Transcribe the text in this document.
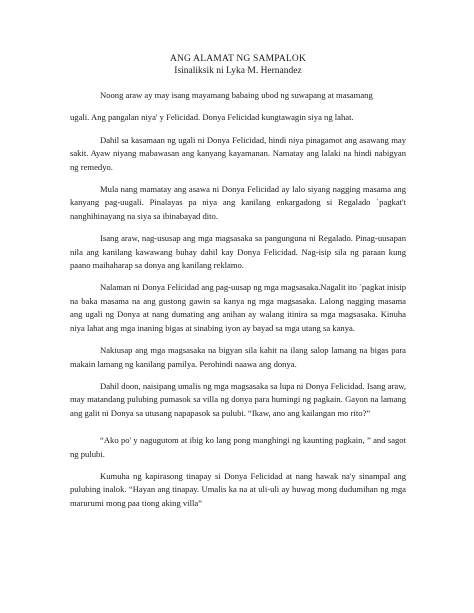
ANG ALAMAT NG SAMPALOK
Isinaliksik ni Lyka M. Hernandez

Noong araw ay may isang mayamang babaing ubod ng suwapang at masamang

ugali. Ang pangalan niya' y Felicidad. Donya Felicidad kungtawagin siya ng lahat.

Dahil sa kasamaan ng ugali ni Donya Felicidad, hindi niya pinagamot ang asawang may sakit. Ayaw niyang mabawasan ang kanyang kayamanan. Namatay ang lalaki na hindi nabigyan ng remedyo.

Mula nang mamatay ang asawa ni Donya Felicidad ay lalo siyang nagging masama ang kanyang pag-uugali. Pinalayas pa niya ang kanilang enkargadong si Regalado `pagkat't nanghihinayang na siya sa ibinabayad dito.

Isang araw, nag-ususap ang mga magsasaka sa pangunguna ni Regalado. Pinag-uusapan nila ang kanilang kawawang buhay dahil kay Donya Felicidad. Nag-isip sila ng paraan kung paano maihaharap sa donya ang kanilang reklamo.

Nalaman ni Donya Felicidad ang pag-uusap ng mga magsasaka.Nagalit ito `pagkat inisip na baka masama na ang gustong gawin sa kanya ng mga magsasaka. Lalong nagging masama ang ugali ng Donya at nang dumating ang anihan ay walang itinira sa mga magsasaka. Kinuha niya lahat ang mga inaning bigas at sinabing iyon ay bayad sa mga utang sa kanya.

Nakiusap ang mga magsasaka na bigyan sila kahit na ilang salop lamang na bigas para makain lamang ng kanilang pamilya. Perohindi naawa ang donya.

Dahil doon, naisipang umalis ng mga magsasaka sa lupa ni Donya Felicidad. Isang araw, may matandang pulubing pumasok sa villa ng donya para humingi ng pagkain. Gayon na lamang ang galit ni Donya sa utusang napapasok sa pulubi. “Ikaw, ano ang kailangan mo rito?”

“Ako po' y nagugutom at ibig ko lang pong manghingi ng kaunting pagkain, ” and sagot ng pulubi.

Kumuha ng kapirasong tinapay si Donya Felicidad at nang hawak na'y sinampal ang pulubing inalok. “Hayan ang tinapay. Umalis ka na at uli-uli ay huwag mong dudumihan ng mga marurumi mong paa tiong aking villa”
